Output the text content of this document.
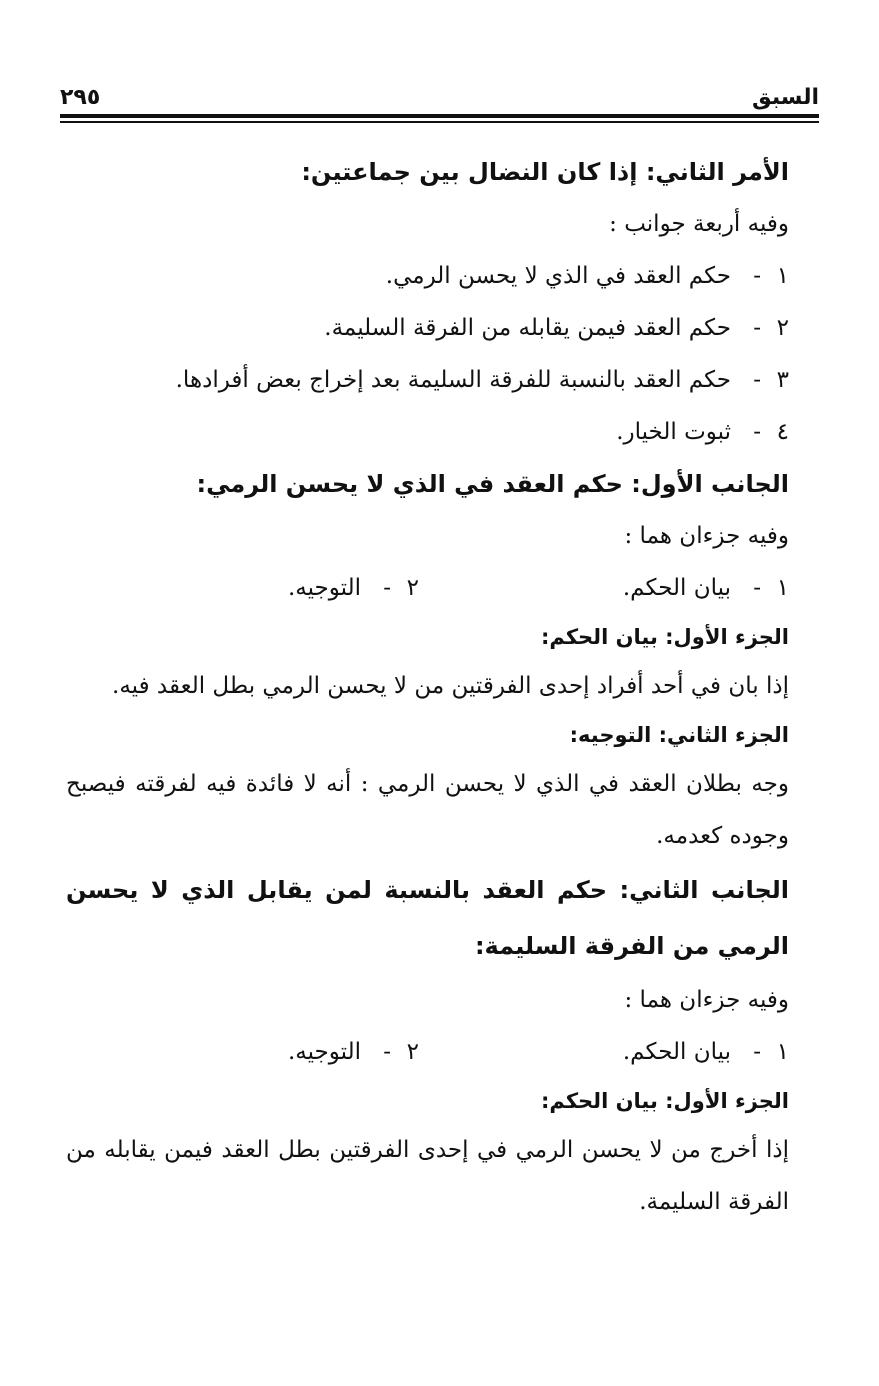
السبق
٢٩٥
الأمر الثاني: إذا كان النضال بين جماعتين:
وفيه أربعة جوانب :
١-حكم العقد في الذي لا يحسن الرمي.
٢-حكم العقد فيمن يقابله من الفرقة السليمة.
٣-حكم العقد بالنسبة للفرقة السليمة بعد إخراج بعض أفرادها.
٤-ثبوت الخيار.
الجانب الأول: حكم العقد في الذي لا يحسن الرمي:
وفيه جزءان هما :
١-بيان الحكم.
٢-التوجيه.
الجزء الأول: بيان الحكم:
إذا بان في أحد أفراد إحدى الفرقتين من لا يحسن الرمي بطل العقد فيه.
الجزء الثاني: التوجيه:
وجه بطلان العقد في الذي لا يحسن الرمي : أنه لا فائدة فيه لفرقته فيصبح
وجوده كعدمه.
الجانب الثاني: حكم العقد بالنسبة لمن يقابل الذي لا يحسن
الرمي من الفرقة السليمة:
وفيه جزءان هما :
١-بيان الحكم.
٢-التوجيه.
الجزء الأول: بيان الحكم:
إذا أخرج من لا يحسن الرمي في إحدى الفرقتين بطل العقد فيمن يقابله من
الفرقة السليمة.
